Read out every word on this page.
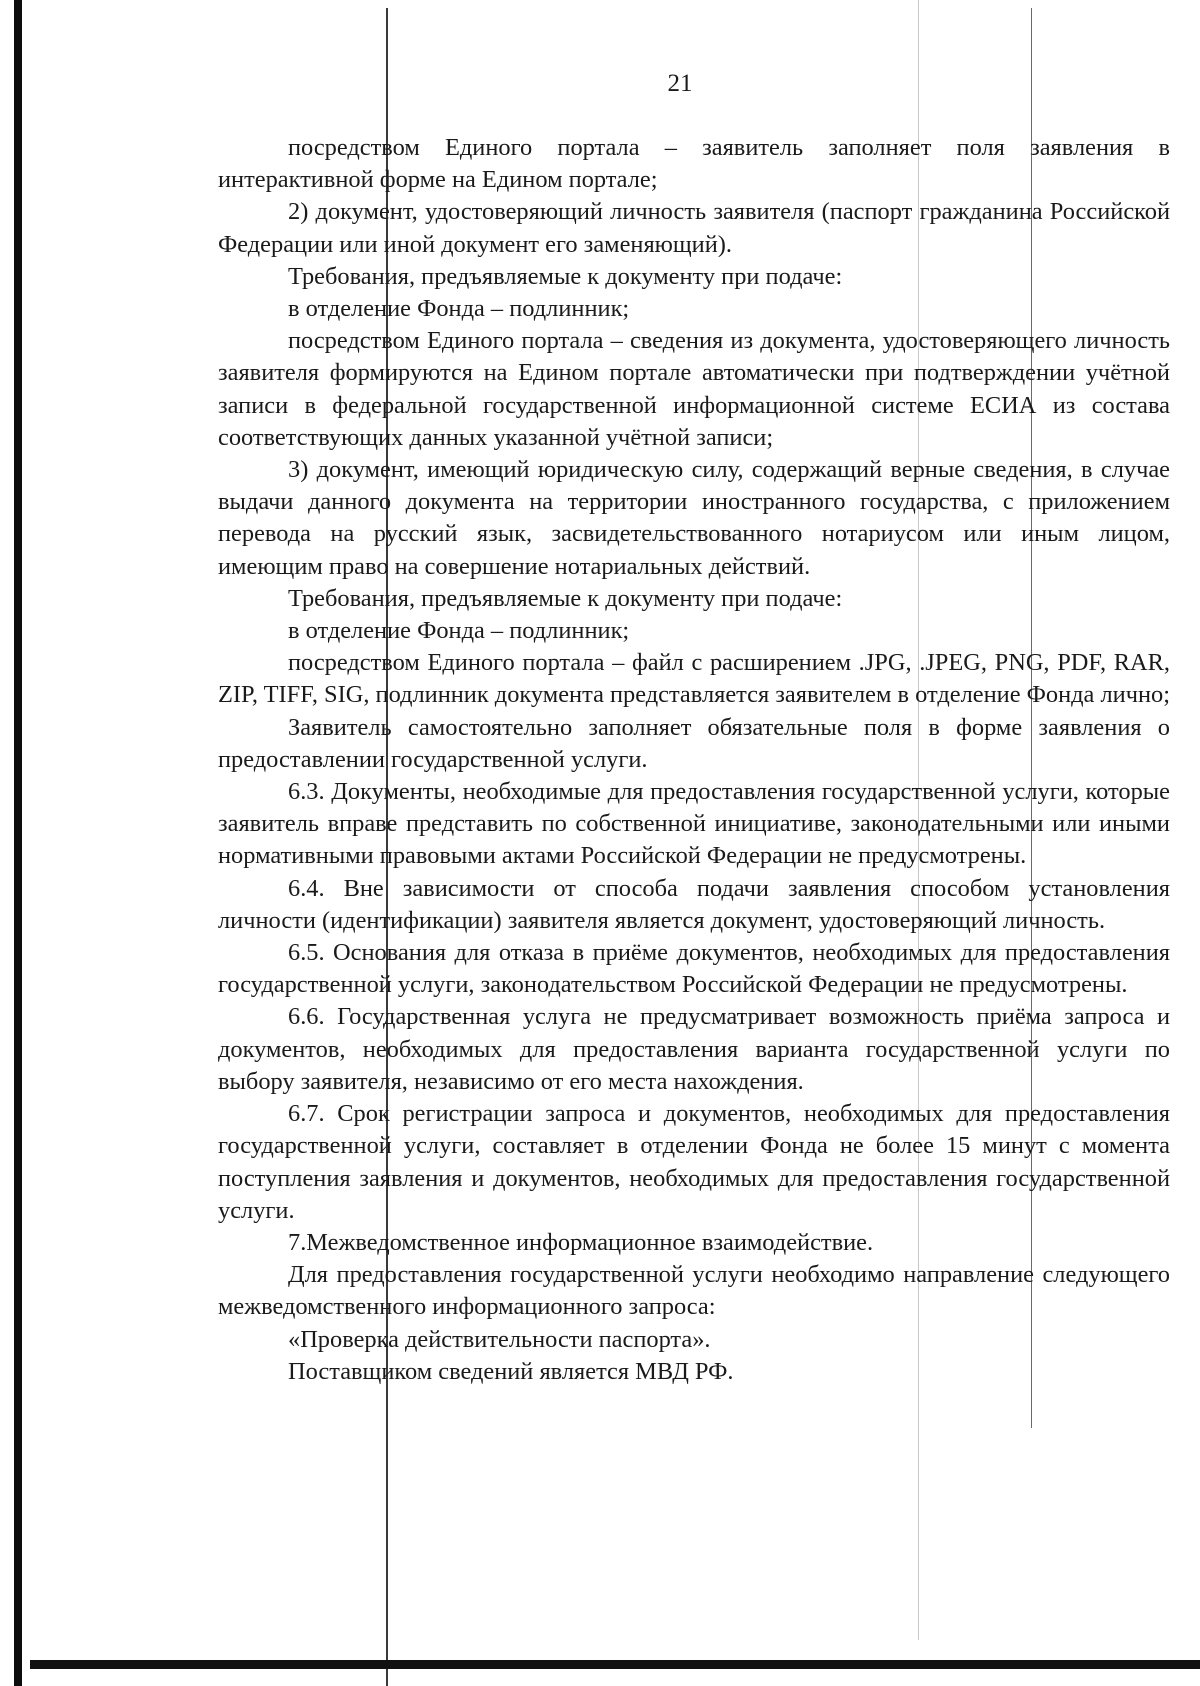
21

посредством Единого портала – заявитель заполняет поля заявления в интерактивной форме на Едином портале;

2) документ, удостоверяющий личность заявителя (паспорт гражданина Российской Федерации или иной документ его заменяющий).

Требования, предъявляемые к документу при подаче:

в отделение Фонда – подлинник;

посредством Единого портала – сведения из документа, удостоверяющего личность заявителя формируются на Едином портале автоматически при подтверждении учётной записи в федеральной государственной информационной системе ЕСИА из состава соответствующих данных указанной учётной записи;

3) документ, имеющий юридическую силу, содержащий верные сведения, в случае выдачи данного документа на территории иностранного государства, с приложением перевода на русский язык, засвидетельствованного нотариусом или иным лицом, имеющим право на совершение нотариальных действий.

Требования, предъявляемые к документу при подаче:

в отделение Фонда – подлинник;

посредством Единого портала – файл с расширением .JPG, .JPEG, PNG, PDF, RAR, ZIP, TIFF, SIG, подлинник документа представляется заявителем в отделение Фонда лично;

Заявитель самостоятельно заполняет обязательные поля в форме заявления о предоставлении государственной услуги.

6.3. Документы, необходимые для предоставления государственной услуги, которые заявитель вправе представить по собственной инициативе, законодательными или иными нормативными правовыми актами Российской Федерации не предусмотрены.

6.4. Вне зависимости от способа подачи заявления способом установления личности (идентификации) заявителя является документ, удостоверяющий личность.

6.5. Основания для отказа в приёме документов, необходимых для предоставления государственной услуги, законодательством Российской Федерации не предусмотрены.

6.6. Государственная услуга не предусматривает возможность приёма запроса и документов, необходимых для предоставления варианта государственной услуги по выбору заявителя, независимо от его места нахождения.

6.7. Срок регистрации запроса и документов, необходимых для предоставления государственной услуги, составляет в отделении Фонда не более 15 минут с момента поступления заявления и документов, необходимых для предоставления государственной услуги.

7.Межведомственное информационное взаимодействие.

Для предоставления государственной услуги необходимо направление следующего межведомственного информационного запроса:

«Проверка действительности паспорта».

Поставщиком сведений является МВД РФ.
